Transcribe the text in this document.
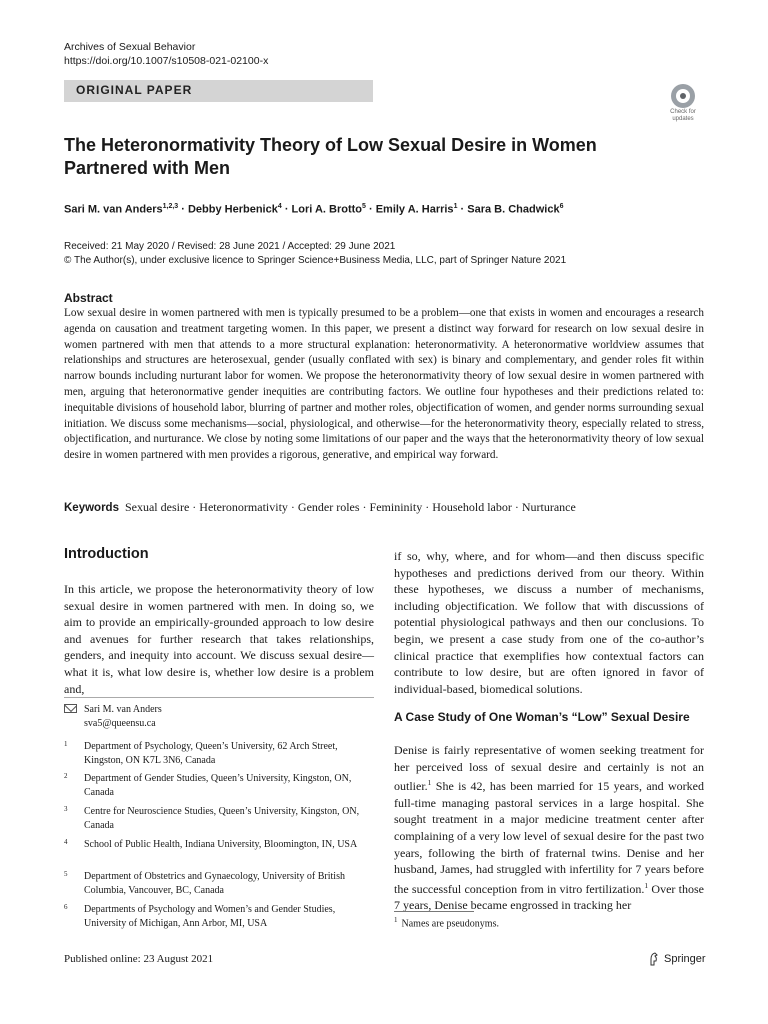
Archives of Sexual Behavior
https://doi.org/10.1007/s10508-021-02100-x
ORIGINAL PAPER
Check for updates
The Heteronormativity Theory of Low Sexual Desire in Women Partnered with Men
Sari M. van Anders$^{1,2,3}$ · Debby Herbenick$^4$ · Lori A. Brotto$^5$ · Emily A. Harris$^1$ · Sara B. Chadwick$^6$
Received: 21 May 2020 / Revised: 28 June 2021 / Accepted: 29 June 2021
© The Author(s), under exclusive licence to Springer Science+Business Media, LLC, part of Springer Nature 2021
Abstract
Low sexual desire in women partnered with men is typically presumed to be a problem—one that exists in women and encourages a research agenda on causation and treatment targeting women. In this paper, we present a distinct way forward for research on low sexual desire in women partnered with men that attends to a more structural explanation: heteronormativity. A heteronormative worldview assumes that relationships and structures are heterosexual, gender (usually conflated with sex) is binary and complementary, and gender roles fit within narrow bounds including nurturant labor for women. We propose the heteronormativity theory of low sexual desire in women partnered with men, arguing that heteronormative gender inequities are contributing factors. We outline four hypotheses and their predictions related to: inequitable divisions of household labor, blurring of partner and mother roles, objectification of women, and gender norms surrounding sexual initiation. We discuss some mechanisms—social, physiological, and otherwise—for the heteronormativity theory, especially related to stress, objectification, and nurturance. We close by noting some limitations of our paper and the ways that the heteronormativity theory of low sexual desire in women partnered with men provides a rigorous, generative, and empirical way forward.
Keywords Sexual desire · Heteronormativity · Gender roles · Femininity · Household labor · Nurturance
Introduction
In this article, we propose the heteronormativity theory of low sexual desire in women partnered with men. In doing so, we aim to provide an empirically-grounded approach to low desire and avenues for further research that takes relationships, genders, and inequity into account. We discuss sexual desire—what it is, what low desire is, whether low desire is a problem and,
Sari M. van Anders
sva5@queensu.ca
1 Department of Psychology, Queen’s University, 62 Arch Street, Kingston, ON K7L 3N6, Canada
2 Department of Gender Studies, Queen’s University, Kingston, ON, Canada
3 Centre for Neuroscience Studies, Queen’s University, Kingston, ON, Canada
4 School of Public Health, Indiana University, Bloomington, IN, USA
5 Department of Obstetrics and Gynaecology, University of British Columbia, Vancouver, BC, Canada
6 Departments of Psychology and Women’s and Gender Studies, University of Michigan, Ann Arbor, MI, USA
if so, why, where, and for whom—and then discuss specific hypotheses and predictions derived from our theory. Within these hypotheses, we discuss a number of mechanisms, including objectification. We follow that with discussions of potential physiological pathways and then our conclusions. To begin, we present a case study from one of the co-author’s clinical practice that exemplifies how contextual factors can contribute to low desire, but are often ignored in favor of individual-based, biomedical solutions.
A Case Study of One Woman’s “Low” Sexual Desire
Denise is fairly representative of women seeking treatment for her perceived loss of sexual desire and certainly is not an outlier.$^1$ She is 42, has been married for 15 years, and worked full-time managing pastoral services in a large hospital. She sought treatment in a major medicine treatment center after complaining of a very low level of sexual desire for the past two years, following the birth of fraternal twins. Denise and her husband, James, had struggled with infertility for 7 years before the successful conception from in vitro fertilization.$^1$ Over those 7 years, Denise became engrossed in tracking her
$^1$ Names are pseudonyms.
Published online: 23 August 2021	Springer
